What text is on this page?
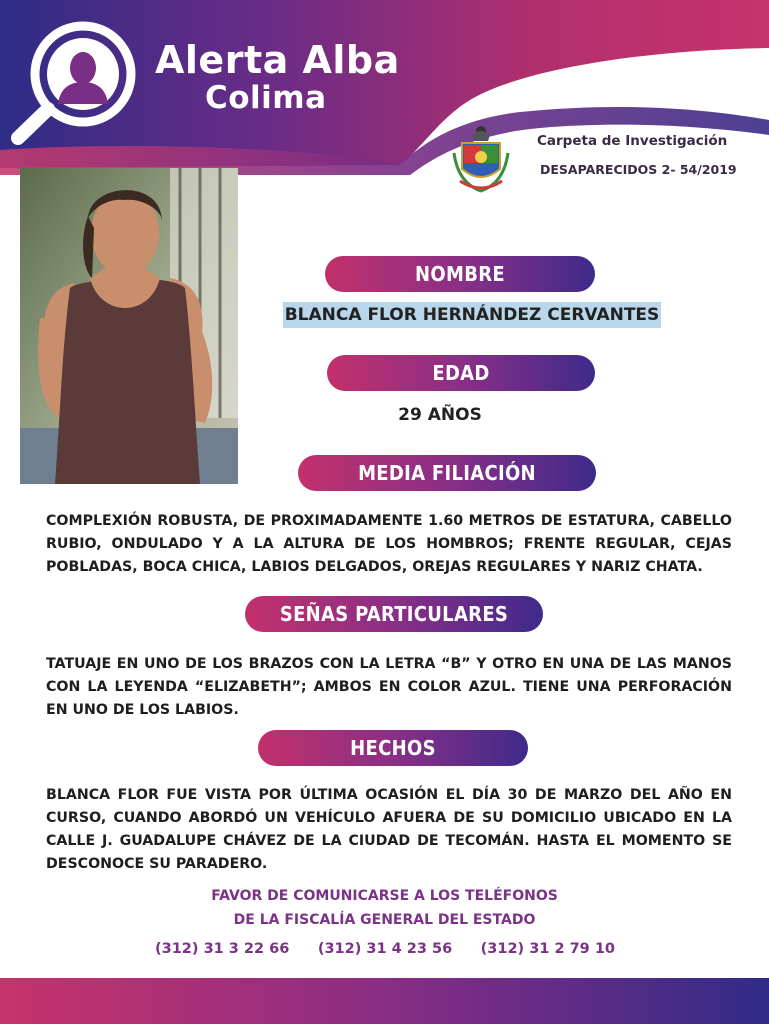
Alerta Alba
Colima
Carpeta de Investigación
DESAPARECIDOS 2- 54/2019
NOMBRE
BLANCA FLOR HERNÁNDEZ CERVANTES
EDAD
29 AÑOS
MEDIA FILIACIÓN
COMPLEXIÓN ROBUSTA, DE PROXIMADAMENTE 1.60 METROS DE ESTATURA, CABELLO RUBIO, ONDULADO Y A LA ALTURA DE LOS HOMBROS; FRENTE REGULAR, CEJAS POBLADAS, BOCA CHICA, LABIOS DELGADOS, OREJAS REGULARES Y NARIZ CHATA.
SEÑAS PARTICULARES
TATUAJE EN UNO DE LOS BRAZOS CON LA LETRA “B” Y OTRO EN UNA DE LAS MANOS CON LA LEYENDA “ELIZABETH”; AMBOS EN COLOR AZUL. TIENE UNA PERFORACIÓN EN UNO DE LOS LABIOS.
HECHOS
BLANCA FLOR FUE VISTA POR ÚLTIMA OCASIÓN EL DÍA 30 DE MARZO DEL AÑO EN CURSO, CUANDO ABORDÓ UN VEHÍCULO AFUERA DE SU DOMICILIO UBICADO EN LA CALLE J. GUADALUPE CHÁVEZ DE LA CIUDAD DE TECOMÁN. HASTA EL MOMENTO SE DESCONOCE SU PARADERO.
FAVOR DE COMUNICARSE A LOS TELÉFONOS
DE LA FISCALÍA GENERAL DEL ESTADO
(312) 31 3 22 66 (312) 31 4 23 56 (312) 31 2 79 10
